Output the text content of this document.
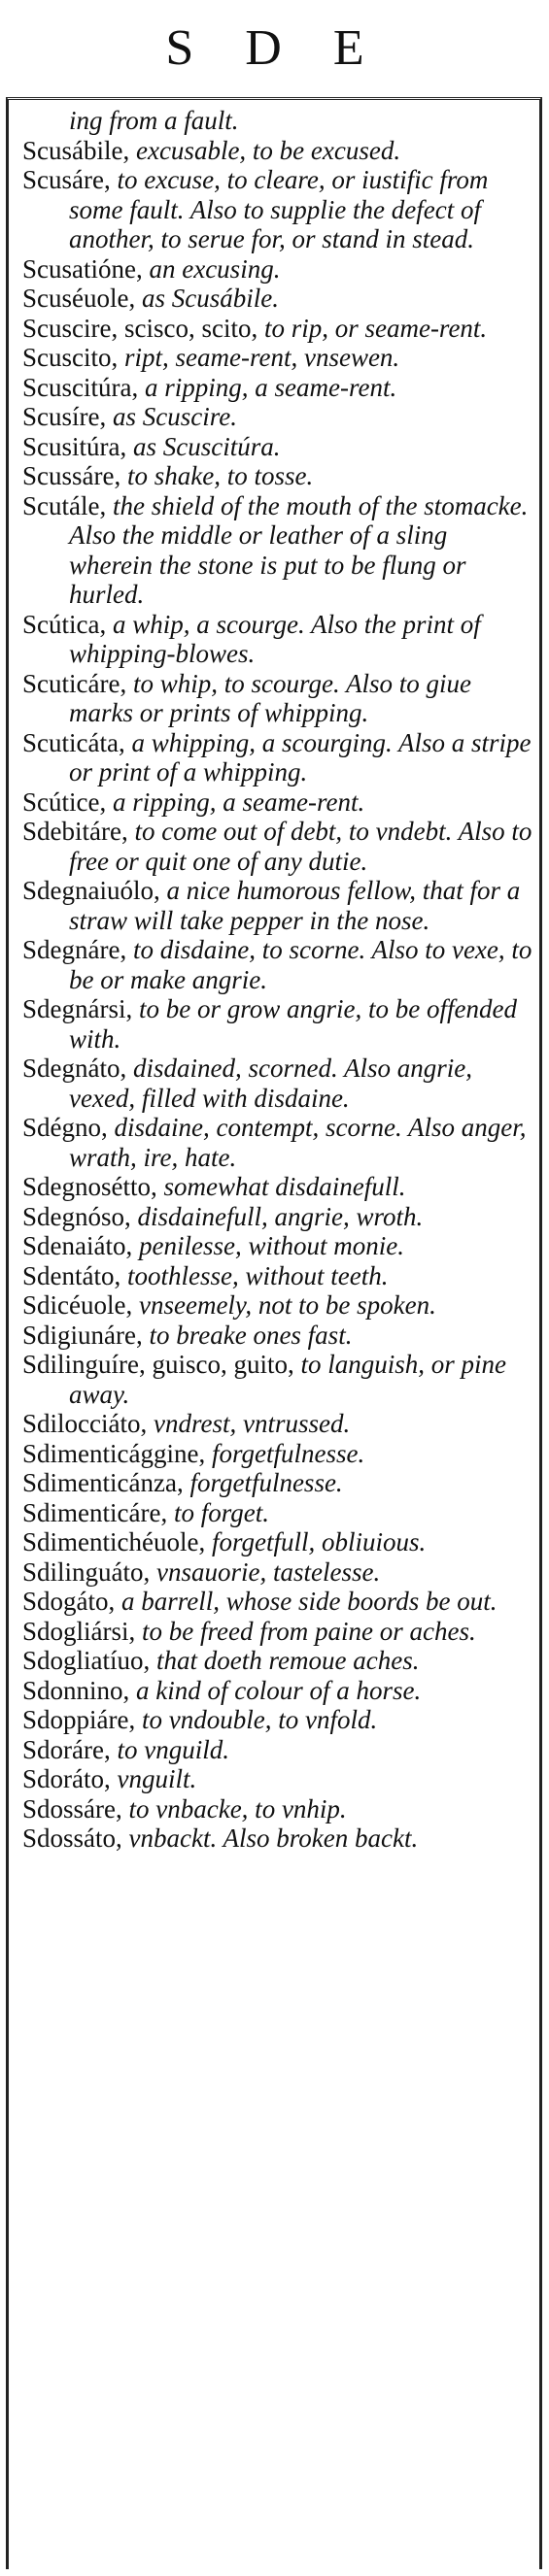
S D E

ing from a fault.

Scusábile, excusable, to be excused.

Scusáre, to excuse, to cleare, or iustific from some fault. Also to supplie the defect of another, to serue for, or stand in stead.

Scusatióne, an excusing.

Scuséuole, as Scusábile.

Scuscire, scisco, scito, to rip, or seame-rent.

Scuscito, ript, seame-rent, vnsewen.

Scuscitúra, a ripping, a seame-rent.

Scusíre, as Scuscire.

Scusitúra, as Scuscitúra.

Scussáre, to shake, to tosse.

Scutále, the shield of the mouth of the stomacke. Also the middle or leather of a sling wherein the stone is put to be flung or hurled.

Scútica, a whip, a scourge. Also the print of whipping-blowes.

Scuticáre, to whip, to scourge. Also to giue marks or prints of whipping.

Scuticáta, a whipping, a scourging. Also a stripe or print of a whipping.

Scútice, a ripping, a seame-rent.

Sdebitáre, to come out of debt, to vndebt. Also to free or quit one of any dutie.

Sdegnaiuólo, a nice humorous fellow, that for a straw will take pepper in the nose.

Sdegnáre, to disdaine, to scorne. Also to vexe, to be or make angrie.

Sdegnársi, to be or grow angrie, to be offended with.

Sdegnáto, disdained, scorned. Also angrie, vexed, filled with disdaine.

Sdégno, disdaine, contempt, scorne. Also anger, wrath, ire, hate.

Sdegnosétto, somewhat disdainefull.

Sdegnóso, disdainefull, angrie, wroth.

Sdenaiáto, penilesse, without monie.

Sdentáto, toothlesse, without teeth.

Sdicéuole, vnseemely, not to be spoken.

Sdigiunáre, to breake ones fast.

Sdilinguíre, guisco, guito, to languish, or pine away.

Sdilocciáto, vndrest, vntrussed.

Sdimenticággine, forgetfulnesse.

Sdimenticánza, forgetfulnesse.

Sdimenticáre, to forget.

Sdimentichéuole, forgetfull, obliuious.

Sdilinguáto, vnsauorie, tastelesse.

Sdogáto, a barrell, whose side boords be out.

Sdogliársi, to be freed from paine or aches.

Sdogliatíuo, that doeth remoue aches.

Sdonnino, a kind of colour of a horse.

Sdoppiáre, to vndouble, to vnfold.

Sdoráre, to vnguild.

Sdoráto, vnguilt.

Sdossáre, to vnbacke, to vnhip.

Sdossáto, vnbackt. Also broken backt.
